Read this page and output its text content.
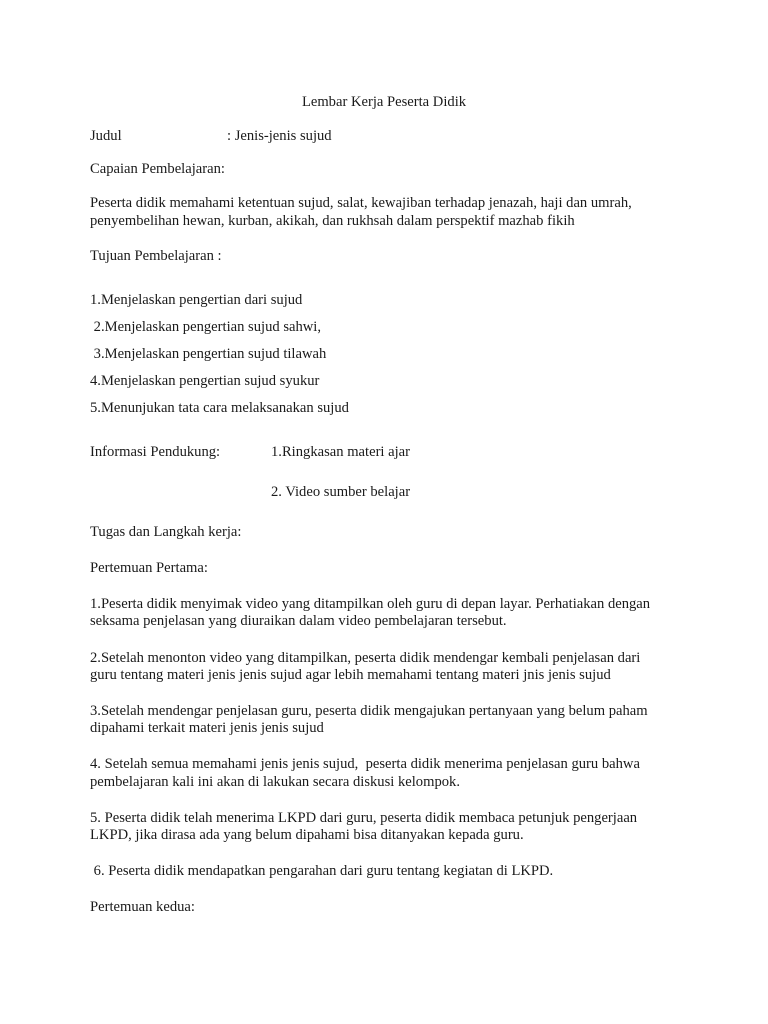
Lembar Kerja Peserta Didik
Judul	: Jenis-jenis sujud
Capaian Pembelajaran:
Peserta didik memahami ketentuan sujud, salat, kewajiban terhadap jenazah, haji dan umrah,
penyembelihan hewan, kurban, akikah, dan rukhsah dalam perspektif mazhab fikih
Tujuan Pembelajaran :
1.Menjelaskan pengertian dari sujud
2.Menjelaskan pengertian sujud sahwi,
3.Menjelaskan pengertian sujud tilawah
4.Menjelaskan pengertian sujud syukur
5.Menunjukan tata cara melaksanakan sujud
Informasi Pendukung:	1.Ringkasan materi ajar
2. Video sumber belajar
Tugas dan Langkah kerja:
Pertemuan Pertama:
1.Peserta didik menyimak video yang ditampilkan oleh guru di depan layar. Perhatiakan dengan
seksama penjelasan yang diuraikan dalam video pembelajaran tersebut.
2.Setelah menonton video yang ditampilkan, peserta didik mendengar kembali penjelasan dari
guru tentang materi jenis jenis sujud agar lebih memahami tentang materi jnis jenis sujud
3.Setelah mendengar penjelasan guru, peserta didik mengajukan pertanyaan yang belum paham
dipahami terkait materi jenis jenis sujud
4. Setelah semua memahami jenis jenis sujud,  peserta didik menerima penjelasan guru bahwa
pembelajaran kali ini akan di lakukan secara diskusi kelompok.
5. Peserta didik telah menerima LKPD dari guru, peserta didik membaca petunjuk pengerjaan
LKPD, jika dirasa ada yang belum dipahami bisa ditanyakan kepada guru.
6. Peserta didik mendapatkan pengarahan dari guru tentang kegiatan di LKPD.
Pertemuan kedua:
